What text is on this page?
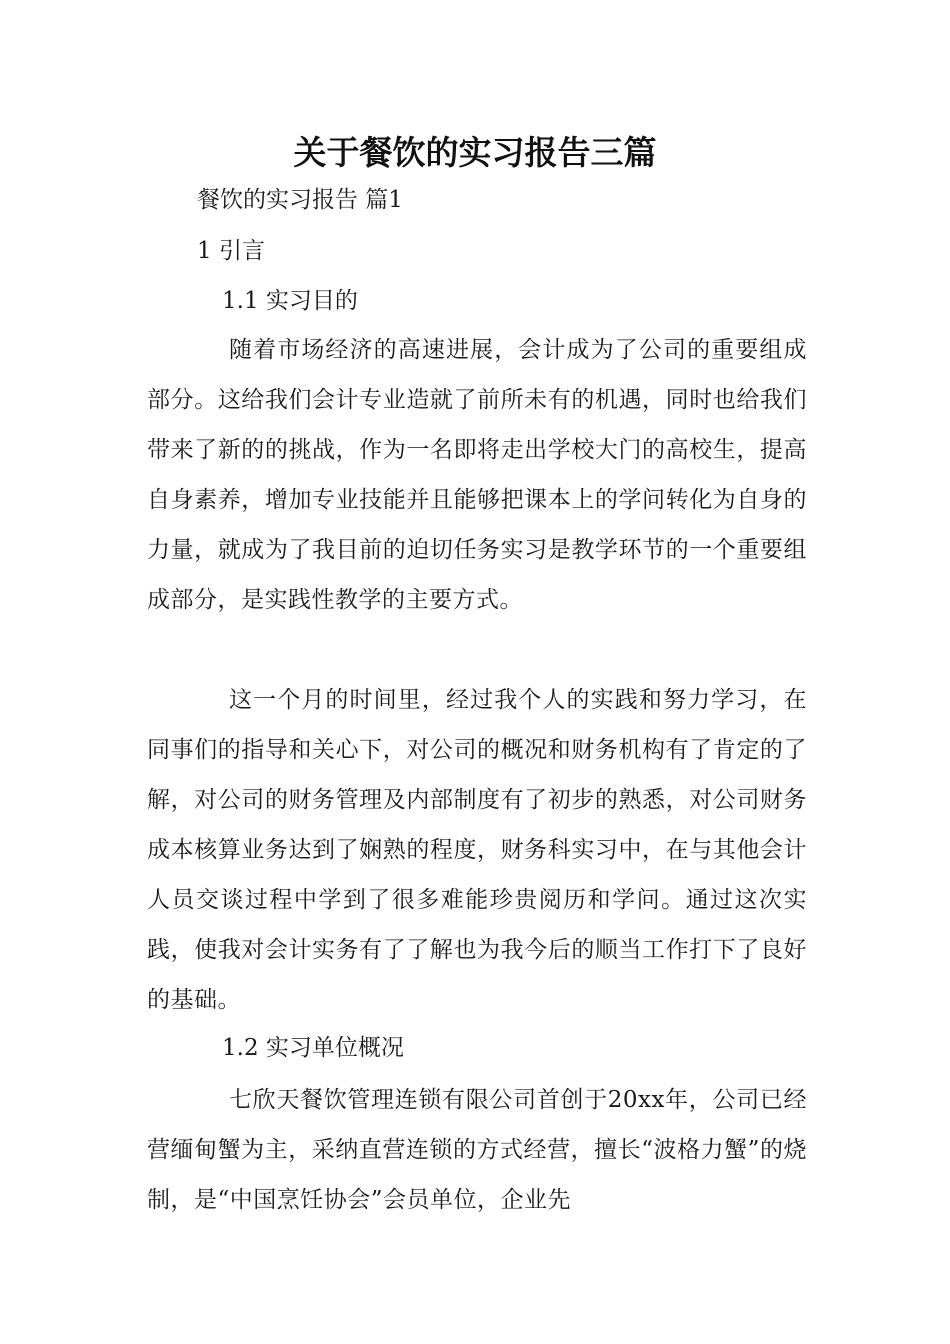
关于餐饮的实习报告三篇

餐饮的实习报告 篇1

1 引言

1.1 实习目的

随着市场经济的高速进展，会计成为了公司的重要组成部分。这给我们会计专业造就了前所未有的机遇，同时也给我们带来了新的的挑战，作为一名即将走出学校大门的高校生，提高自身素养，增加专业技能并且能够把课本上的学问转化为自身的力量，就成为了我目前的迫切任务实习是教学环节的一个重要组成部分，是实践性教学的主要方式。

这一个月的时间里，经过我个人的实践和努力学习，在同事们的指导和关心下，对公司的概况和财务机构有了肯定的了解，对公司的财务管理及内部制度有了初步的熟悉，对公司财务成本核算业务达到了娴熟的程度，财务科实习中，在与其他会计人员交谈过程中学到了很多难能珍贵阅历和学问。通过这次实践，使我对会计实务有了了解也为我今后的顺当工作打下了良好的基础。

1.2 实习单位概况

七欣天餐饮管理连锁有限公司首创于20xx年，公司已经营缅甸蟹为主，采纳直营连锁的方式经营，擅长“波格力蟹”的烧制，是“中国烹饪协会”会员单位，企业先
